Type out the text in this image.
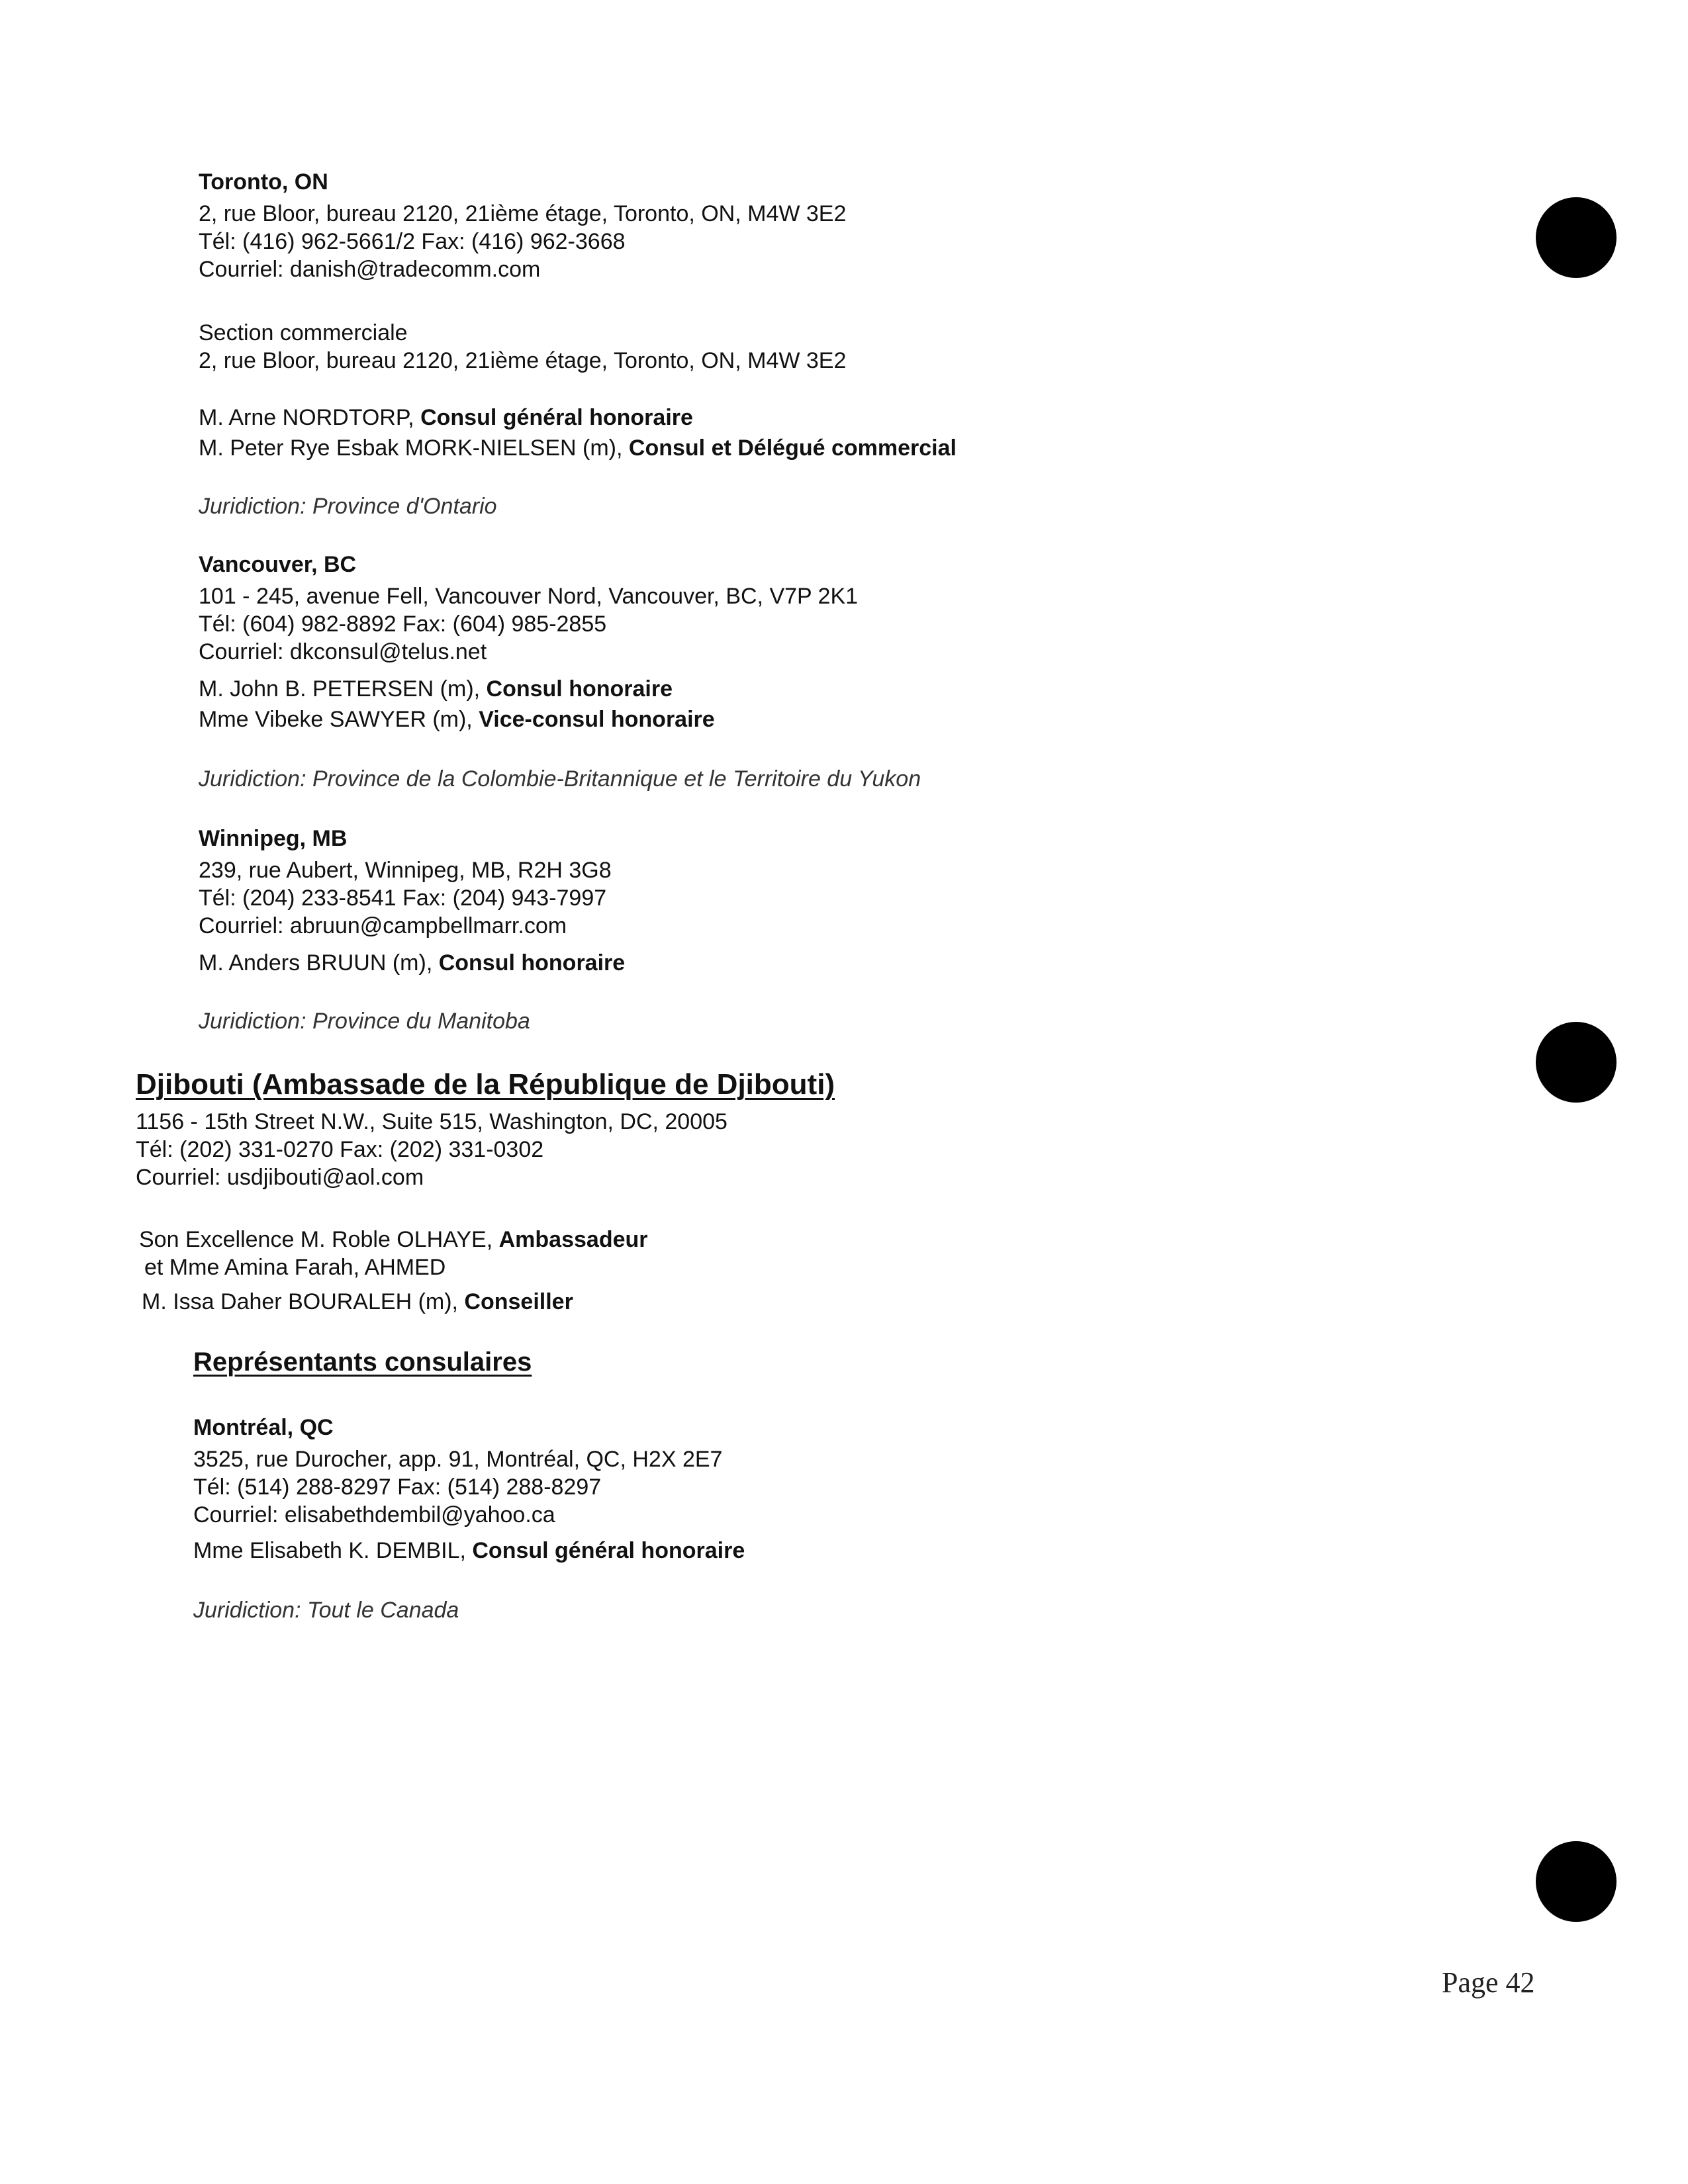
Toronto, ON

2, rue Bloor, bureau 2120, 21ième étage, Toronto, ON, M4W 3E2

Tél: (416) 962-5661/2 Fax: (416) 962-3668

Courriel: danish@tradecomm.com

Section commerciale

2, rue Bloor, bureau 2120, 21ième étage, Toronto, ON, M4W 3E2

M. Arne NORDTORP, Consul général honoraire

M. Peter Rye Esbak MORK-NIELSEN (m), Consul et Délégué commercial

Juridiction: Province d'Ontario

Vancouver, BC

101 - 245, avenue Fell, Vancouver Nord, Vancouver, BC, V7P 2K1

Tél: (604) 982-8892 Fax: (604) 985-2855

Courriel: dkconsul@telus.net

M. John B. PETERSEN (m), Consul honoraire

Mme Vibeke SAWYER (m), Vice-consul honoraire

Juridiction: Province de la Colombie-Britannique et le Territoire du Yukon

Winnipeg, MB

239, rue Aubert, Winnipeg, MB, R2H 3G8

Tél: (204) 233-8541 Fax: (204) 943-7997

Courriel: abruun@campbellmarr.com

M. Anders BRUUN (m), Consul honoraire

Juridiction: Province du Manitoba

Djibouti (Ambassade de la République de Djibouti)

1156 - 15th Street N.W., Suite 515, Washington, DC, 20005

Tél: (202) 331-0270 Fax: (202) 331-0302

Courriel: usdjibouti@aol.com

Son Excellence M. Roble OLHAYE, Ambassadeur

et Mme Amina Farah, AHMED

M. Issa Daher BOURALEH (m), Conseiller

Représentants consulaires

Montréal, QC

3525, rue Durocher, app. 91, Montréal, QC, H2X 2E7

Tél: (514) 288-8297 Fax: (514) 288-8297

Courriel: elisabethdembil@yahoo.ca

Mme Elisabeth K. DEMBIL, Consul général honoraire

Juridiction: Tout le Canada

Page 42
